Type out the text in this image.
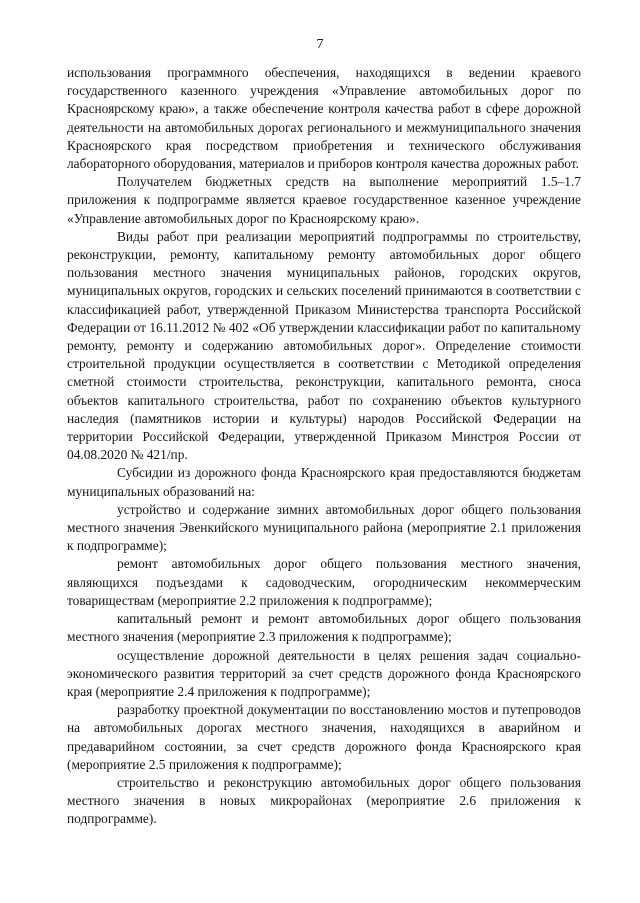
7

использования программного обеспечения, находящихся в ведении краевого государственного казенного учреждения «Управление автомобильных дорог по Красноярскому краю», а также обеспечение контроля качества работ в сфере дорожной деятельности на автомобильных дорогах регионального и межмуниципального значения Красноярского края посредством приобретения и технического обслуживания лабораторного оборудования, материалов и приборов контроля качества дорожных работ.

Получателем бюджетных средств на выполнение мероприятий 1.5–1.7 приложения к подпрограмме является краевое государственное казенное учреждение «Управление автомобильных дорог по Красноярскому краю».

Виды работ при реализации мероприятий подпрограммы по строительству, реконструкции, ремонту, капитальному ремонту автомобильных дорог общего пользования местного значения муниципальных районов, городских округов, муниципальных округов, городских и сельских поселений принимаются в соответствии с классификацией работ, утвержденной Приказом Министерства транспорта Российской Федерации от 16.11.2012 № 402 «Об утверждении классификации работ по капитальному ремонту, ремонту и содержанию автомобильных дорог». Определение стоимости строительной продукции осуществляется в соответствии с Методикой определения сметной стоимости строительства, реконструкции, капитального ремонта, сноса объектов капитального строительства, работ по сохранению объектов культурного наследия (памятников истории и культуры) народов Российской Федерации на территории Российской Федерации, утвержденной Приказом Минстроя России от 04.08.2020 № 421/пр.

Субсидии из дорожного фонда Красноярского края предоставляются бюджетам муниципальных образований на:

устройство и содержание зимних автомобильных дорог общего пользования местного значения Эвенкийского муниципального района (мероприятие 2.1 приложения к подпрограмме);

ремонт автомобильных дорог общего пользования местного значения, являющихся подъездами к садоводческим, огородническим некоммерческим товариществам (мероприятие 2.2 приложения к подпрограмме);

капитальный ремонт и ремонт автомобильных дорог общего пользования местного значения (мероприятие 2.3 приложения к подпрограмме);

осуществление дорожной деятельности в целях решения задач социально-экономического развития территорий за счет средств дорожного фонда Красноярского края (мероприятие 2.4 приложения к подпрограмме);

разработку проектной документации по восстановлению мостов и путепроводов на автомобильных дорогах местного значения, находящихся в аварийном и предаварийном состоянии, за счет средств дорожного фонда Красноярского края (мероприятие 2.5 приложения к подпрограмме);

строительство и реконструкцию автомобильных дорог общего пользования местного значения в новых микрорайонах (мероприятие 2.6 приложения к подпрограмме).
